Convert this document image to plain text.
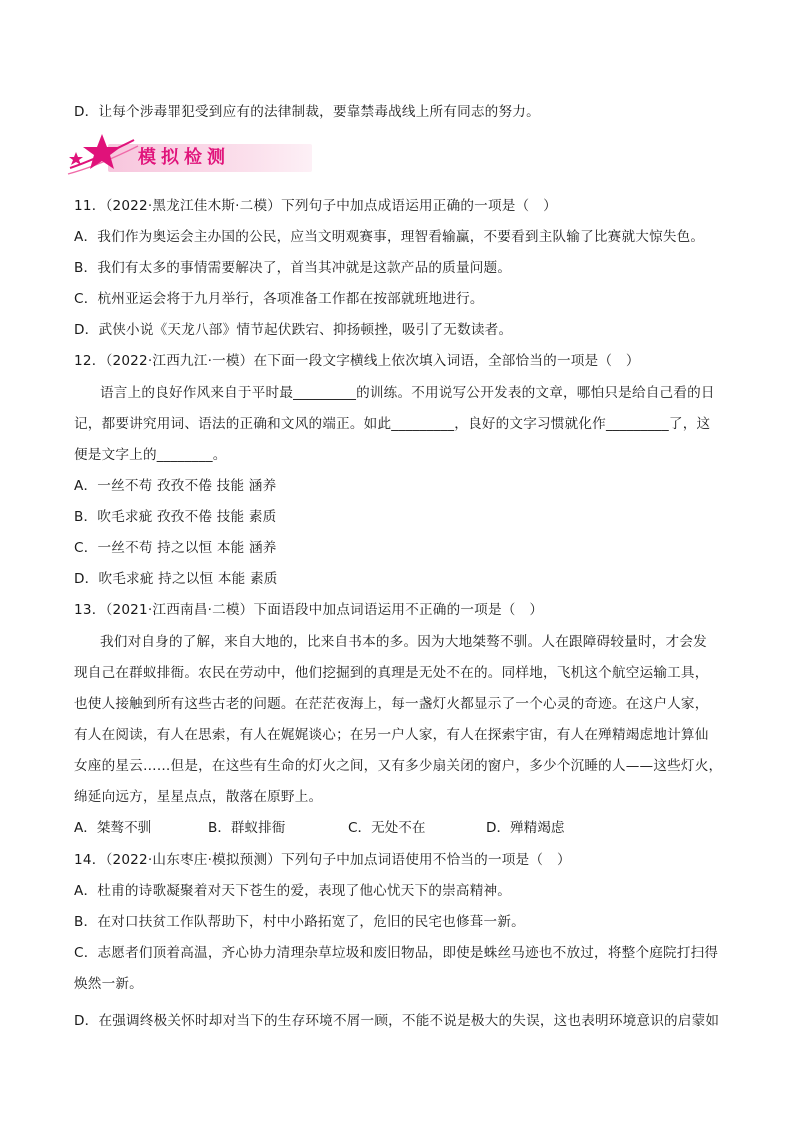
D．让每个涉毒罪犯受到应有的法律制裁，要靠禁毒战线上所有同志的努力。
模拟检测
11．（2022·黑龙江佳木斯·二模）下列句子中加点成语运用正确的一项是（　）
A．我们作为奥运会主办国的公民，应当文明观赛事，理智看输赢，不要看到主队输了比赛就大惊失色。
B．我们有太多的事情需要解决了，首当其冲就是这款产品的质量问题。
C．杭州亚运会将于九月举行，各项准备工作都在按部就班地进行。
D．武侠小说《天龙八部》情节起伏跌宕、抑扬顿挫，吸引了无数读者。
12．（2022·江西九江·一模）在下面一段文字横线上依次填入词语，全部恰当的一项是（　）
语言上的良好作风来自于平时最_________的训练。不用说写公开发表的文章，哪怕只是给自己看的日
记，都要讲究用词、语法的正确和文风的端正。如此_________，良好的文字习惯就化作_________了，这
便是文字上的________。
A．一丝不苟 孜孜不倦 技能 涵养
B．吹毛求疵 孜孜不倦 技能 素质
C．一丝不苟 持之以恒 本能 涵养
D．吹毛求疵 持之以恒 本能 素质
13．（2021·江西南昌·二模）下面语段中加点词语运用不正确的一项是（　）
我们对自身的了解，来自大地的，比来自书本的多。因为大地桀骜不驯。人在跟障碍较量时，才会发
现自己在群蚁排衙。农民在劳动中，他们挖掘到的真理是无处不在的。同样地，飞机这个航空运输工具，
也使人接触到所有这些古老的问题。在茫茫夜海上，每一盏灯火都显示了一个心灵的奇迹。在这户人家，
有人在阅读，有人在思索，有人在娓娓谈心；在另一户人家，有人在探索宇宙，有人在殚精竭虑地计算仙
女座的星云……但是，在这些有生命的灯火之间，又有多少扇关闭的窗户，多少个沉睡的人——这些灯火，
绵延向远方，星星点点，散落在原野上。
A．桀骜不驯	B．群蚁排衙	C．无处不在	D．殚精竭虑
14．（2022·山东枣庄·模拟预测）下列句子中加点词语使用不恰当的一项是（　）
A．杜甫的诗歌凝聚着对天下苍生的爱，表现了他心忧天下的崇高精神。
B．在对口扶贫工作队帮助下，村中小路拓宽了，危旧的民宅也修葺一新。
C．志愿者们顶着高温，齐心协力清理杂草垃圾和废旧物品，即使是蛛丝马迹也不放过，将整个庭院打扫得
焕然一新。
D．在强调终极关怀时却对当下的生存环境不屑一顾，不能不说是极大的失误，这也表明环境意识的启蒙如
